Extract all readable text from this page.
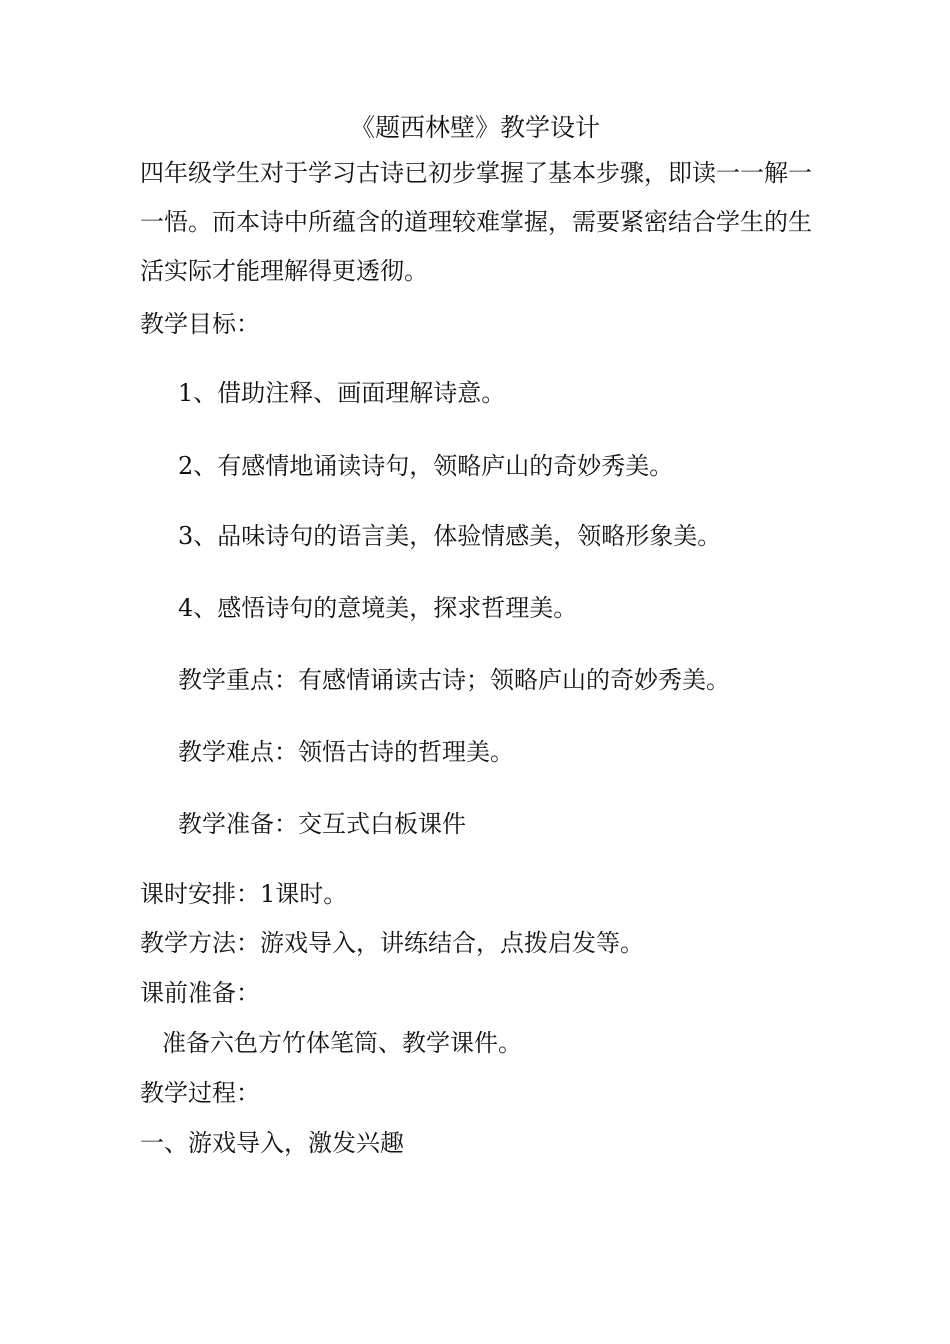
《题西林壁》教学设计
四年级学生对于学习古诗已初步掌握了基本步骤，即读一一解一
一悟。而本诗中所蕴含的道理较难掌握，需要紧密结合学生的生
活实际才能理解得更透彻。
教学目标：
1、借助注释、画面理解诗意。
2、有感情地诵读诗句，领略庐山的奇妙秀美。
3、品味诗句的语言美，体验情感美，领略形象美。
4、感悟诗句的意境美，探求哲理美。
教学重点：有感情诵读古诗；领略庐山的奇妙秀美。
教学难点：领悟古诗的哲理美。
教学准备：交互式白板课件
课时安排：1课时。
教学方法：游戏导入，讲练结合，点拨启发等。
课前准备：
准备六色方竹体笔筒、教学课件。
教学过程：
一、游戏导入，激发兴趣
